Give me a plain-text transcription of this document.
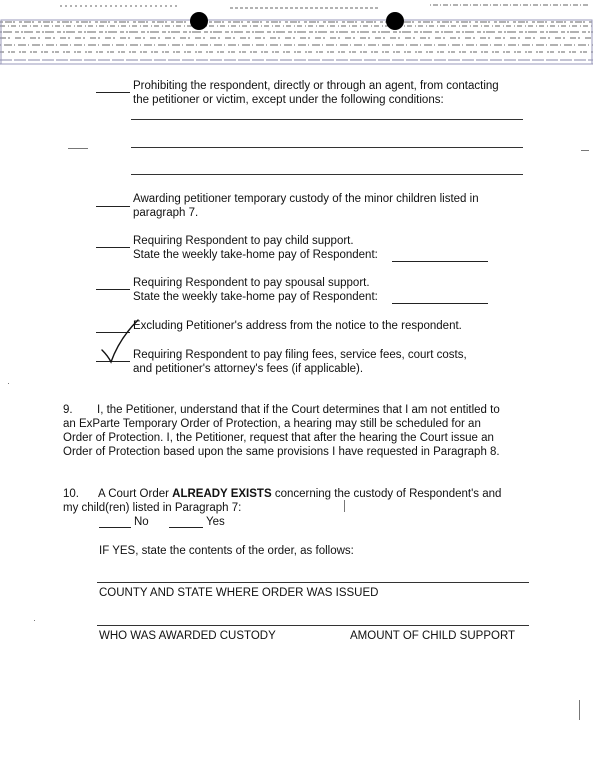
Prohibiting the respondent, directly or through an agent, from contacting
the petitioner or victim, except under the following conditions:
Awarding petitioner temporary custody of the minor children listed in
paragraph 7.
Requiring Respondent to pay child support.
State the weekly take-home pay of Respondent:
Requiring Respondent to pay spousal support.
State the weekly take-home pay of Respondent:
Excluding Petitioner's address from the notice to the respondent.
Requiring Respondent to pay filing fees, service fees, court costs,
and petitioner's attorney's fees (if applicable).
9. I, the Petitioner, understand that if the Court determines that I am not entitled to
an ExParte Temporary Order of Protection, a hearing may still be scheduled for an
Order of Protection. I, the Petitioner, request that after the hearing the Court issue an
Order of Protection based upon the same provisions I have requested in Paragraph 8.
10. A Court Order ALREADY EXISTS concerning the custody of Respondent's and
my child(ren) listed in Paragraph 7:
No	Yes
IF YES, state the contents of the order, as follows:
COUNTY AND STATE WHERE ORDER WAS ISSUED
WHO WAS AWARDED CUSTODY	AMOUNT OF CHILD SUPPORT
